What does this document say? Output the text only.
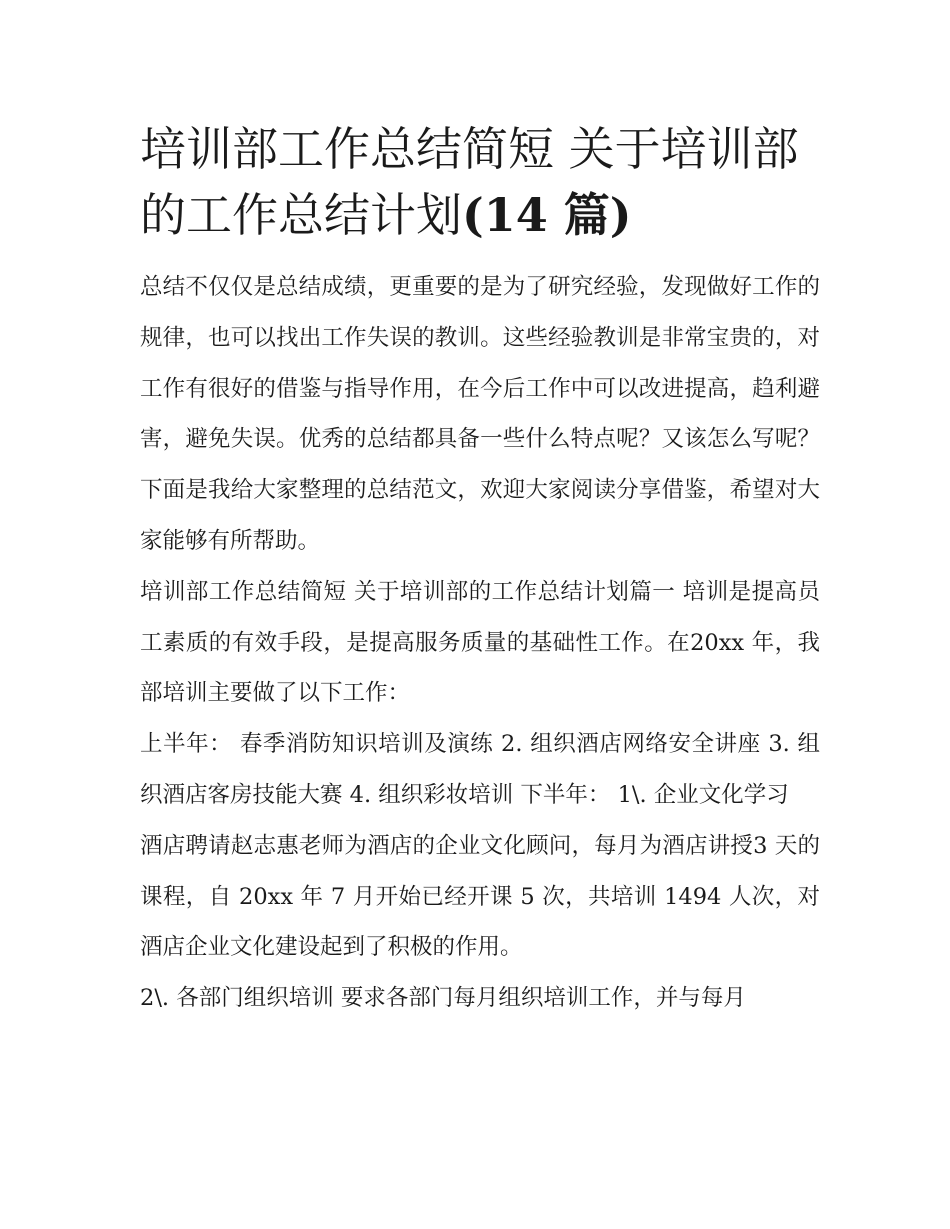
培训部工作总结简短 关于培训部的工作总结计划(14 篇)

总结不仅仅是总结成绩，更重要的是为了研究经验，发现做好工作的规律，也可以找出工作失误的教训。这些经验教训是非常宝贵的，对工作有很好的借鉴与指导作用，在今后工作中可以改进提高，趋利避害，避免失误。优秀的总结都具备一些什么特点呢？又该怎么写呢？下面是我给大家整理的总结范文，欢迎大家阅读分享借鉴，希望对大家能够有所帮助。

培训部工作总结简短 关于培训部的工作总结计划篇一 培训是提高员工素质的有效手段，是提高服务质量的基础性工作。在20xx 年，我部培训主要做了以下工作：

上半年： 春季消防知识培训及演练 2. 组织酒店网络安全讲座 3. 组织酒店客房技能大赛 4. 组织彩妆培训 下半年： 1\. 企业文化学习

酒店聘请赵志惠老师为酒店的企业文化顾问，每月为酒店讲授3 天的课程，自 20xx 年 7 月开始已经开课 5 次，共培训 1494 人次，对酒店企业文化建设起到了积极的作用。

2\. 各部门组织培训 要求各部门每月组织培训工作，并与每月
